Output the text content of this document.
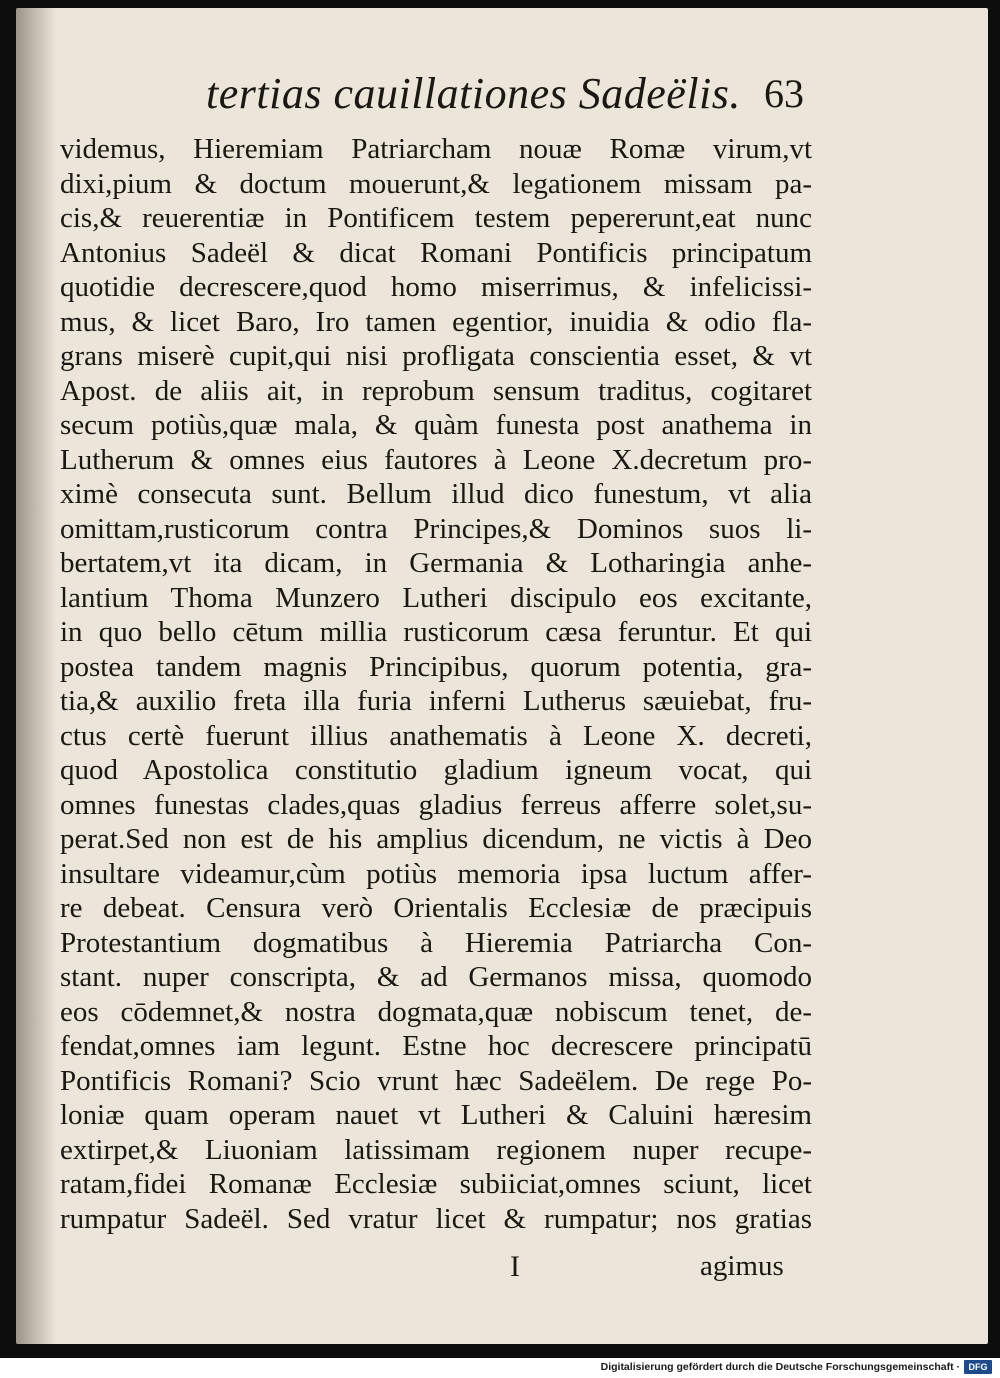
tertias cauillationes Sadeëlis. 63
videmus, Hieremiam Patriarcham nouæ Romæ virum,vt
dixi,pium & doctum mouerunt,& legationem missam pa-
cis,& reuerentiæ in Pontificem testem pepererunt,eat nunc
Antonius Sadeël & dicat Romani Pontificis principatum
quotidie decrescere,quod homo miserrimus, & infelicissi-
mus, & licet Baro, Iro tamen egentior, inuidia & odio fla-
grans miserè cupit,qui nisi profligata conscientia esset, & vt
Apost. de aliis ait, in reprobum sensum traditus, cogitaret
secum potiùs,quæ mala, & quàm funesta post anathema in
Lutherum & omnes eius fautores à Leone X.decretum pro-
ximè consecuta sunt. Bellum illud dico funestum, vt alia
omittam,rusticorum contra Principes,& Dominos suos li-
bertatem,vt ita dicam, in Germania & Lotharingia anhe-
lantium Thoma Munzero Lutheri discipulo eos excitante,
in quo bello cētum millia rusticorum cæsa feruntur. Et qui
postea tandem magnis Principibus, quorum potentia, gra-
tia,& auxilio freta illa furia inferni Lutherus sæuiebat, fru-
ctus certè fuerunt illius anathematis à Leone X. decreti,
quod Apostolica constitutio gladium igneum vocat, qui
omnes funestas clades,quas gladius ferreus afferre solet,su-
perat.Sed non est de his amplius dicendum, ne victis à Deo
insultare videamur,cùm potiùs memoria ipsa luctum affer-
re debeat. Censura verò Orientalis Ecclesiæ de præcipuis
Protestantium dogmatibus à Hieremia Patriarcha Con-
stant. nuper conscripta, & ad Germanos missa, quomodo
eos cōdemnet,& nostra dogmata,quæ nobiscum tenet, de-
fendat,omnes iam legunt. Estne hoc decrescere principatū
Pontificis Romani? Scio vrunt hæc Sadeëlem. De rege Po-
loniæ quam operam nauet vt Lutheri & Caluini hæresim
extirpet,& Liuoniam latissimam regionem nuper recupe-
ratam,fidei Romanæ Ecclesiæ subiiciat,omnes sciunt, licet
rumpatur Sadeël. Sed vratur licet & rumpatur; nos gratias
I	agimus
Digitalisierung gefördert durch die Deutsche Forschungsgemeinschaft · DFG
